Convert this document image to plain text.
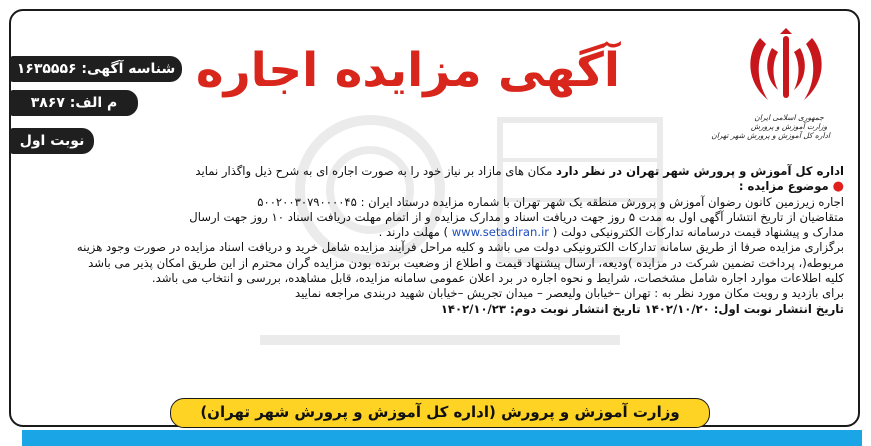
جمهوری اسلامی ایران
وزارت آموزش و پرورش
اداره کل آموزش و پرورش شهر تهران
آگهی مزایده اجاره
شناسه آگهی: ۱۶۳۵۵۵۶
م الف: ۳۸۶۷
نوبت اول
اداره کل آموزش و پرورش شهر تهران در نظر دارد مکان های مازاد بر نیاز خود را به صورت اجاره ای به شرح ذیل واگذار نماید
●موضوع مزایده :
اجاره زیرزمین کانون رضوان آموزش و پرورش منطقه یک شهر تهران با شماره مزایده درستاد ایران : ۵۰۰۲۰۰۳۰۷۹۰۰۰۰۴۵
متقاضیان از تاریخ انتشار آگهی اول به مدت ۵ روز جهت دریافت اسناد و مدارک مزایده و از اتمام مهلت دریافت اسناد ۱۰ روز جهت ارسال
مدارک و پیشنهاد قیمت درسامانه تدارکات الکترونیکی دولت ( www.setadiran.ir ) مهلت دارند .
برگزاری مزایده صرفا از طریق سامانه تدارکات الکترونیکی دولت می باشد و کلیه مراحل فرآیند مزایده شامل خرید و دریافت اسناد مزایده در صورت وجود هزینه
مربوطه(، پرداخت تضمین شرکت در مزایده )ودیعه، ارسال پیشنهاد قیمت و اطلاع از وضعیت برنده بودن مزایده گران محترم از این طریق امکان پذیر می باشد
کلیه اطلاعات موارد اجاره شامل مشخصات، شرایط و نحوه اجاره در برد اعلان عمومی سامانه مزایده، قابل مشاهده، بررسی و انتخاب می باشد.
برای بازدید و رویت مکان مورد نظر به : تهران –خیابان ولیعصر – میدان تجریش –خیابان شهید دربندی مراجعه نمایید
تاریخ انتشار نوبت اول: ۱۴۰۲/۱۰/۲۰ تاریخ انتشار نوبت دوم: ۱۴۰۲/۱۰/۲۳
وزارت آموزش و پرورش (اداره کل آموزش و پرورش شهر تهران)
